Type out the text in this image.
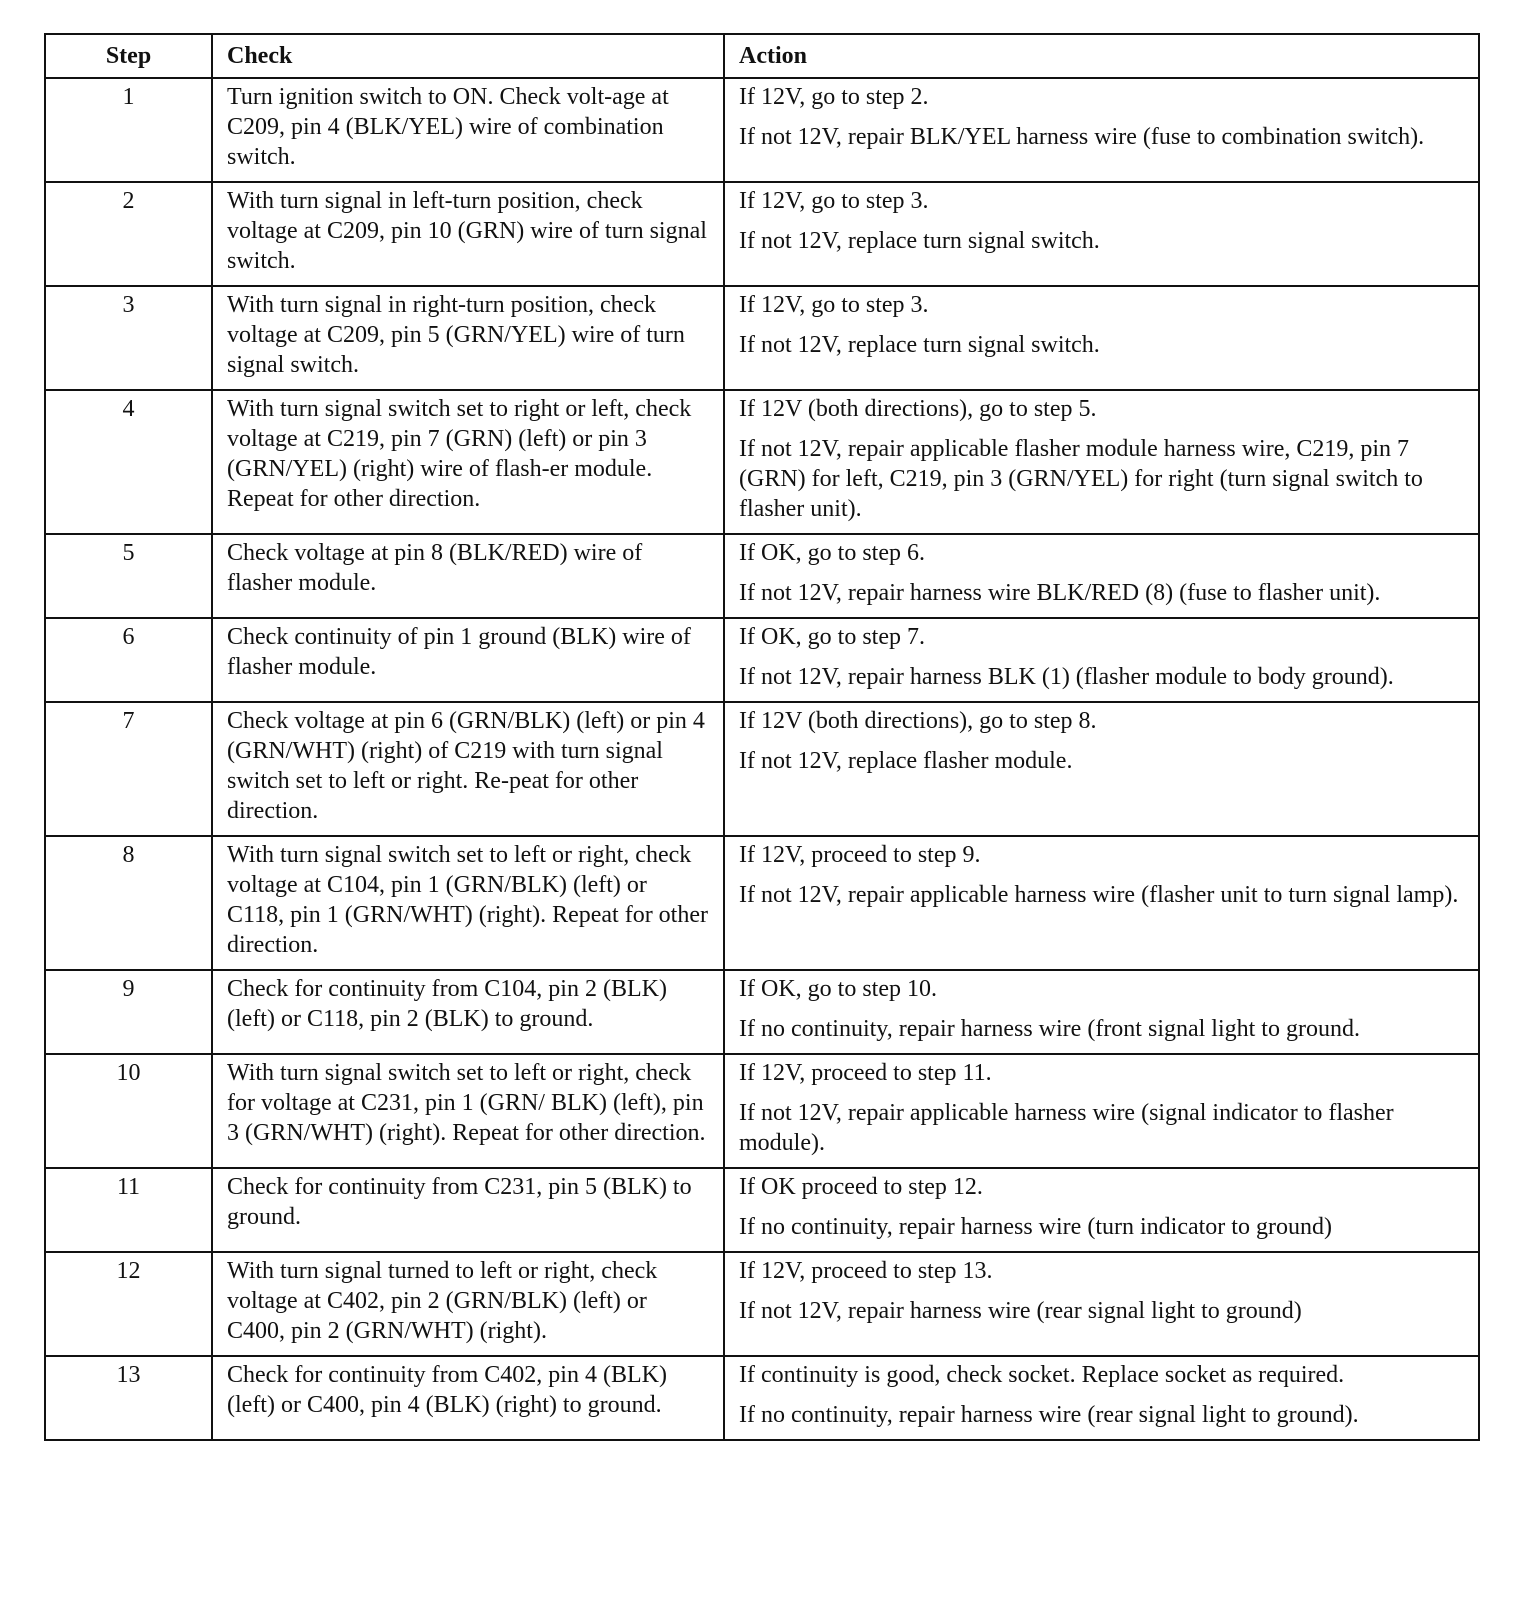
Step	Check	Action
1	Turn ignition switch to ON. Check volt-age at C209, pin 4 (BLK/YEL) wire of combination switch.	If 12V, go to step 2.
If not 12V, repair BLK/YEL harness wire (fuse to combination switch).

2	With turn signal in left-turn position, check voltage at C209, pin 10 (GRN) wire of turn signal switch.	If 12V, go to step 3.
If not 12V, replace turn signal switch.

3	With turn signal in right-turn position, check voltage at C209, pin 5 (GRN/YEL) wire of turn signal switch.	If 12V, go to step 3.
If not 12V, replace turn signal switch.

4	With turn signal switch set to right or left, check voltage at C219, pin 7 (GRN) (left) or pin 3 (GRN/YEL) (right) wire of flash-er module. Repeat for other direction.	If 12V (both directions), go to step 5.
If not 12V, repair applicable flasher module harness wire, C219, pin 7 (GRN) for left, C219, pin 3 (GRN/YEL) for right (turn signal switch to flasher unit).

5	Check voltage at pin 8 (BLK/RED) wire of flasher module.	If OK, go to step 6.
If not 12V, repair harness wire BLK/RED (8) (fuse to flasher unit).

6	Check continuity of pin 1 ground (BLK) wire of flasher module.	If OK, go to step 7.
If not 12V, repair harness BLK (1) (flasher module to body ground).

7	Check voltage at pin 6 (GRN/BLK) (left) or pin 4 (GRN/WHT) (right) of C219 with turn signal switch set to left or right. Re-peat for other direction.	If 12V (both directions), go to step 8.
If not 12V, replace flasher module.

8	With turn signal switch set to left or right, check voltage at C104, pin 1 (GRN/BLK) (left) or C118, pin 1 (GRN/WHT) (right). Repeat for other direction.	If 12V, proceed to step 9.
If not 12V, repair applicable harness wire (flasher unit to turn signal lamp).

9	Check for continuity from C104, pin 2 (BLK) (left) or C118, pin 2 (BLK) to ground.	If OK, go to step 10.
If no continuity, repair harness wire (front signal light to ground.

10	With turn signal switch set to left or right, check for voltage at C231, pin 1 (GRN/ BLK) (left), pin 3 (GRN/WHT) (right). Repeat for other direction.	If 12V, proceed to step 11.
If not 12V, repair applicable harness wire (signal indicator to flasher module).

11	Check for continuity from C231, pin 5 (BLK) to ground.	If OK proceed to step 12.
If no continuity, repair harness wire (turn indicator to ground)

12	With turn signal turned to left or right, check voltage at C402, pin 2 (GRN/BLK) (left) or C400, pin 2 (GRN/WHT) (right).	If 12V, proceed to step 13.
If not 12V, repair harness wire (rear signal light to ground)

13	Check for continuity from C402, pin 4 (BLK) (left) or C400, pin 4 (BLK) (right) to ground.	If continuity is good, check socket. Replace socket as required.
If no continuity, repair harness wire (rear signal light to ground).
